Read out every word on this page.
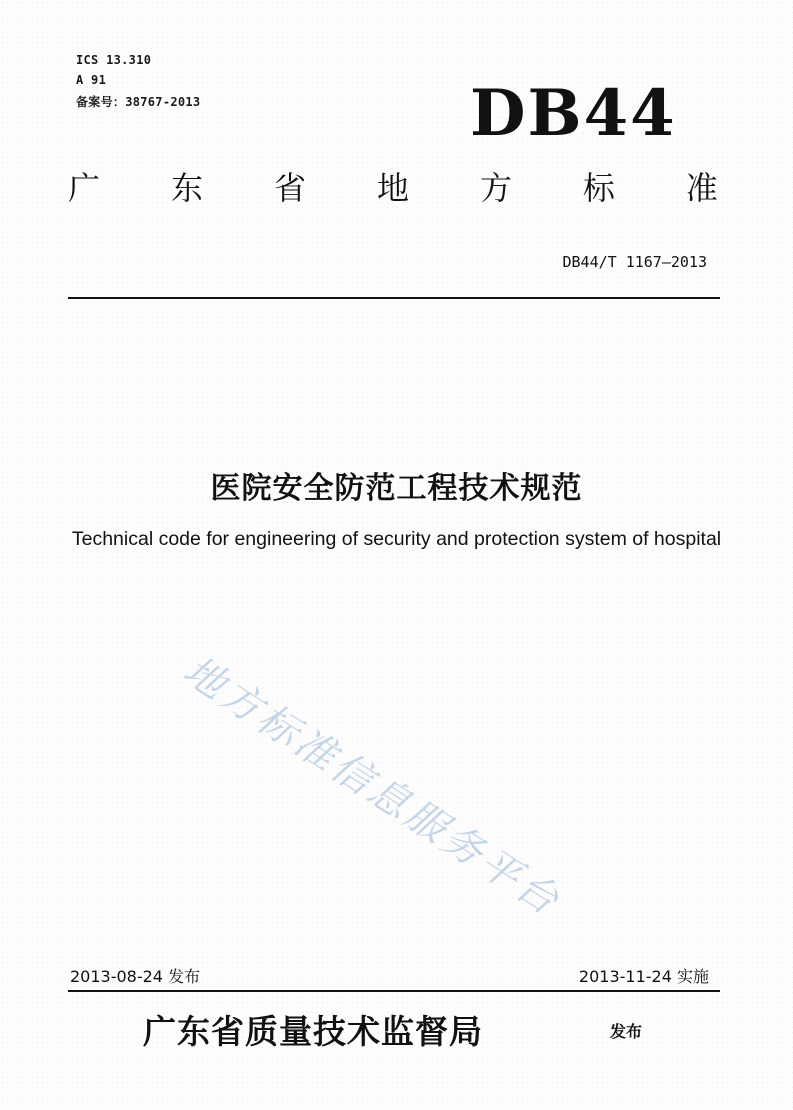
ICS 13.310
A 91
备案号：38767-2013	DB44
广 东 省 地 方 标 准
DB44/T 1167—2013
医院安全防范工程技术规范
Technical code for engineering of security and protection system of hospital
地方标准信息服务平台
2013-08-24 发布	2013-11-24 实施
广东省质量技术监督局	发布
